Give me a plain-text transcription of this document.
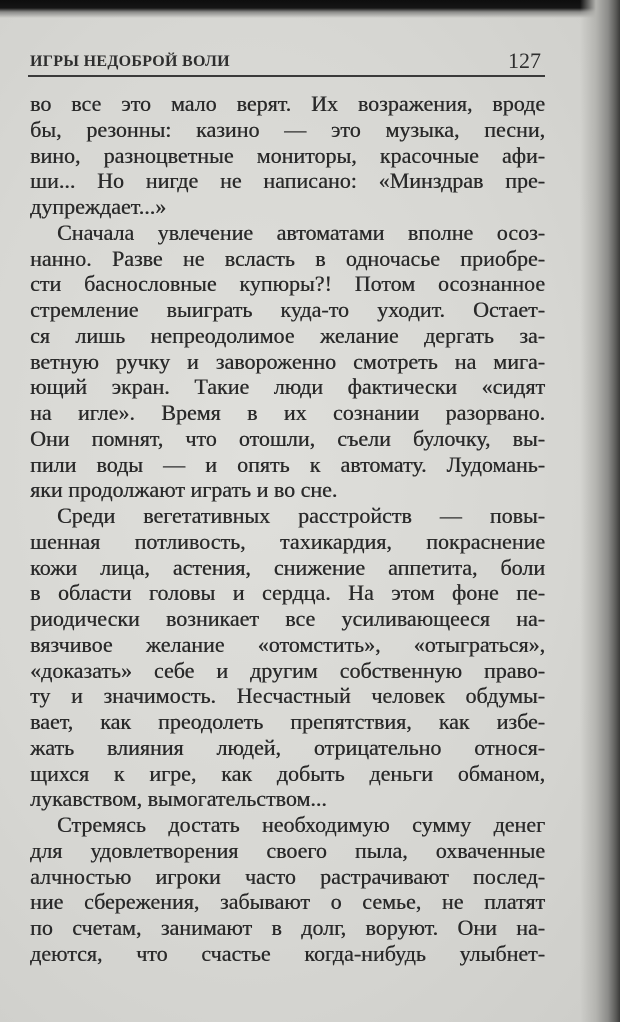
ИГРЫ НЕДОБРОЙ ВОЛИ	127
во все это мало верят. Их возражения, вроде
бы, резонны: казино — это музыка, песни,
вино, разноцветные мониторы, красочные афи-
ши... Но нигде не написано: «Минздрав пре-
дупреждает...»
Сначала увлечение автоматами вполне осоз-
нанно. Разве не всласть в одночасье приобре-
сти баснословные купюры?! Потом осознанное
стремление выиграть куда-то уходит. Остает-
ся лишь непреодолимое желание дергать за-
ветную ручку и завороженно смотреть на мига-
ющий экран. Такие люди фактически «сидят
на игле». Время в их сознании разорвано.
Они помнят, что отошли, съели булочку, вы-
пили воды — и опять к автомату. Лудомань-
яки продолжают играть и во сне.
Среди вегетативных расстройств — повы-
шенная потливость, тахикардия, покраснение
кожи лица, астения, снижение аппетита, боли
в области головы и сердца. На этом фоне пе-
риодически возникает все усиливающееся на-
вязчивое желание «отомстить», «отыграться»,
«доказать» себе и другим собственную право-
ту и значимость. Несчастный человек обдумы-
вает, как преодолеть препятствия, как избе-
жать влияния людей, отрицательно относя-
щихся к игре, как добыть деньги обманом,
лукавством, вымогательством...
Стремясь достать необходимую сумму денег
для удовлетворения своего пыла, охваченные
алчностью игроки часто растрачивают послед-
ние сбережения, забывают о семье, не платят
по счетам, занимают в долг, воруют. Они на-
деются, что счастье когда-нибудь улыбнет-
